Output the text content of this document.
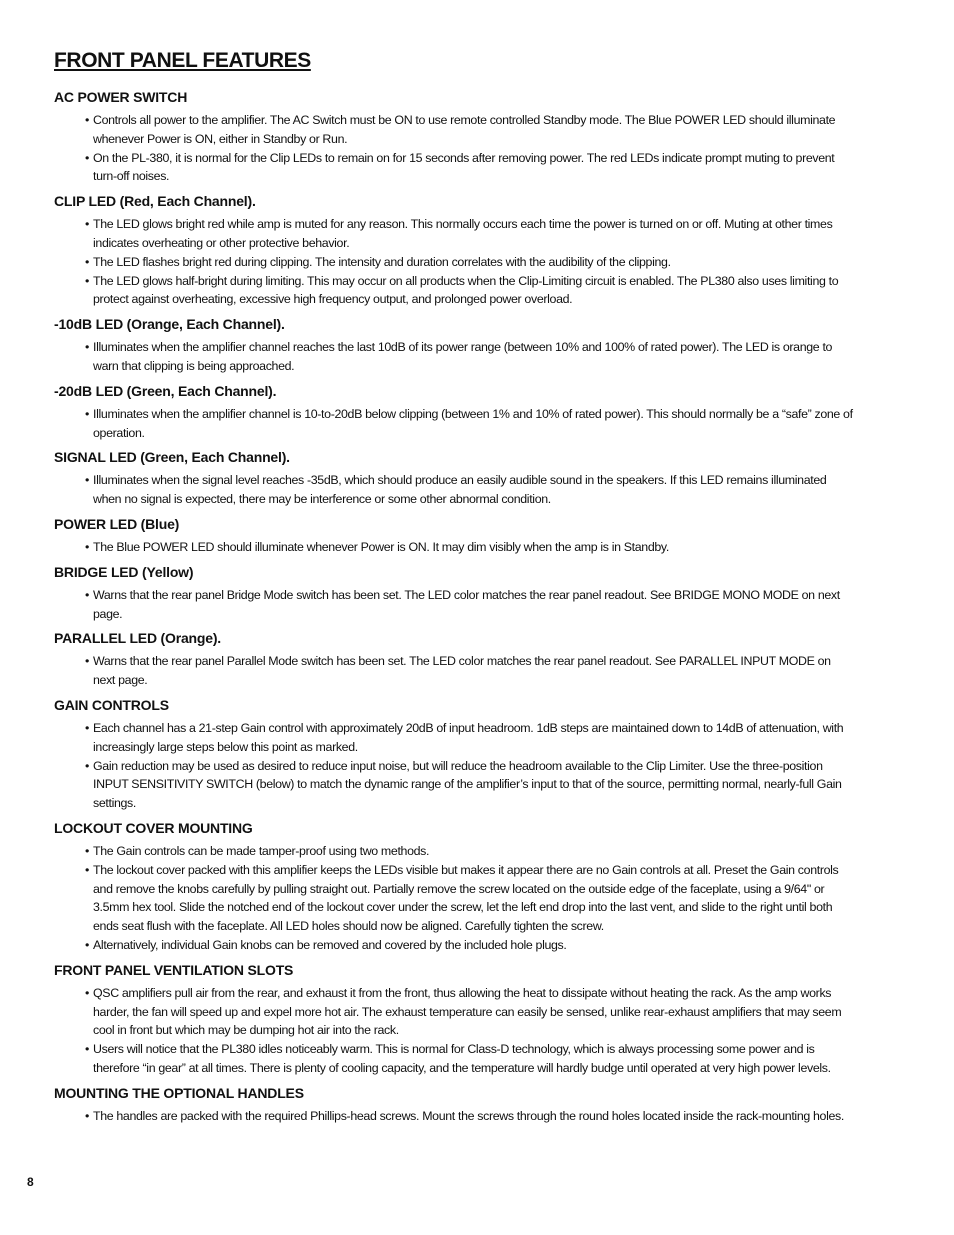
FRONT PANEL FEATURES
AC POWER SWITCH
• Controls all power to the amplifier. The AC Switch must be ON to use remote controlled Standby mode. The Blue POWER LED should illuminate whenever Power is ON, either in Standby or Run.
• On the PL-380, it is normal for the Clip LEDs to remain on for 15 seconds after removing power. The red LEDs indicate prompt muting to prevent turn-off noises.
CLIP LED (Red, Each Channel).
• The LED glows bright red while amp is muted for any reason. This normally occurs each time the power is turned on or off. Muting at other times indicates overheating or other protective behavior.
• The LED flashes bright red during clipping. The intensity and duration correlates with the audibility of the clipping.
• The LED glows half-bright during limiting. This may occur on all products when the Clip-Limiting circuit is enabled. The PL380 also uses limiting to protect against overheating, excessive high frequency output, and prolonged power overload.
-10dB LED (Orange, Each Channel).
• Illuminates when the amplifier channel reaches the last 10dB of its power range (between 10% and 100% of rated power). The LED is orange to warn that clipping is being approached.
-20dB LED (Green, Each Channel).
• Illuminates when the amplifier channel is 10-to-20dB below clipping (between 1% and 10% of rated power). This should normally be a “safe” zone of operation.
SIGNAL LED (Green, Each Channel).
• Illuminates when the signal level reaches -35dB, which should produce an easily audible sound in the speakers. If this LED remains illuminated when no signal is expected, there may be interference or some other abnormal condition.
POWER LED (Blue)
• The Blue POWER LED should illuminate whenever Power is ON. It may dim visibly when the amp is in Standby.
BRIDGE LED (Yellow)
• Warns that the rear panel Bridge Mode switch has been set. The LED color matches the rear panel readout. See BRIDGE MONO MODE on next page.
PARALLEL LED (Orange).
• Warns that the rear panel Parallel Mode switch has been set. The LED color matches the rear panel readout. See PARALLEL INPUT MODE on next page.
GAIN CONTROLS
• Each channel has a 21-step Gain control with approximately 20dB of input headroom. 1dB steps are maintained down to 14dB of attenuation, with increasingly large steps below this point as marked.
• Gain reduction may be used as desired to reduce input noise, but will reduce the headroom available to the Clip Limiter. Use the three-position INPUT SENSITIVITY SWITCH (below) to match the dynamic range of the amplifier’s input to that of the source, permitting normal, nearly-full Gain settings.
LOCKOUT COVER MOUNTING
• The Gain controls can be made tamper-proof using two methods.
• The lockout cover packed with this amplifier keeps the LEDs visible but makes it appear there are no Gain controls at all. Preset the Gain controls and remove the knobs carefully by pulling straight out. Partially remove the screw located on the outside edge of the faceplate, using a 9/64" or 3.5mm hex tool. Slide the notched end of the lockout cover under the screw, let the left end drop into the last vent, and slide to the right until both ends seat flush with the faceplate. All LED holes should now be aligned. Carefully tighten the screw.
• Alternatively, individual Gain knobs can be removed and covered by the included hole plugs.
FRONT PANEL VENTILATION SLOTS
• QSC amplifiers pull air from the rear, and exhaust it from the front, thus allowing the heat to dissipate without heating the rack. As the amp works harder, the fan will speed up and expel more hot air. The exhaust temperature can easily be sensed, unlike rear-exhaust amplifiers that may seem cool in front but which may be dumping hot air into the rack.
• Users will notice that the PL380 idles noticeably warm. This is normal for Class-D technology, which is always processing some power and is therefore “in gear” at all times. There is plenty of cooling capacity, and the temperature will hardly budge until operated at very high power levels.
MOUNTING THE OPTIONAL HANDLES
• The handles are packed with the required Phillips-head screws. Mount the screws through the round holes located inside the rack-mounting holes.
8
